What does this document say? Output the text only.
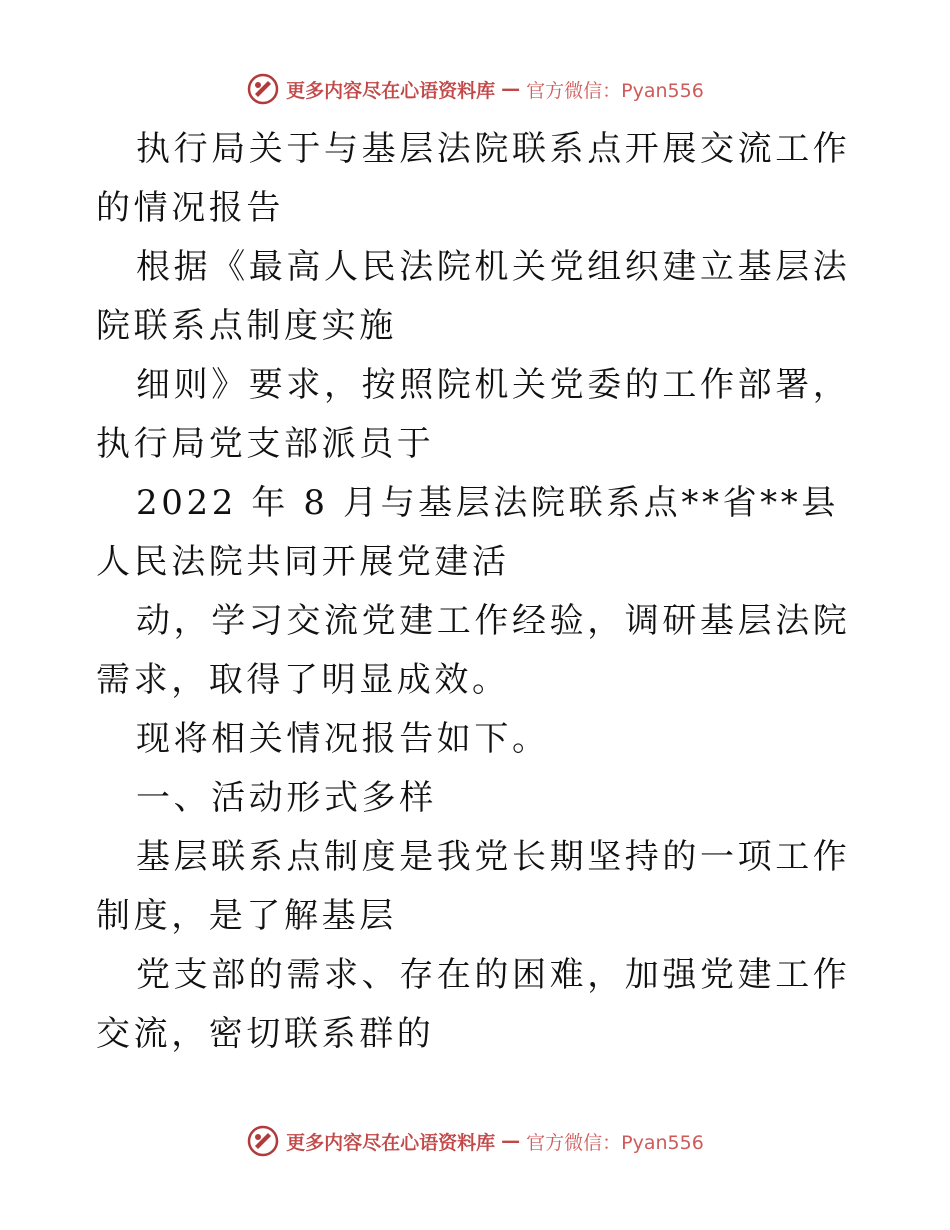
更多内容尽在心语资料库 — 官方微信：Pyan556

执行局关于与基层法院联系点开展交流工作的情况报告

根据《最高人民法院机关党组织建立基层法院联系点制度实施

细则》要求，按照院机关党委的工作部署，执行局党支部派员于

2022 年 8 月与基层法院联系点**省**县人民法院共同开展党建活

动，学习交流党建工作经验，调研基层法院需求，取得了明显成效。

现将相关情况报告如下。

一、活动形式多样

基层联系点制度是我党长期坚持的一项工作制度，是了解基层

党支部的需求、存在的困难，加强党建工作交流，密切联系群的

更多内容尽在心语资料库 — 官方微信：Pyan556
